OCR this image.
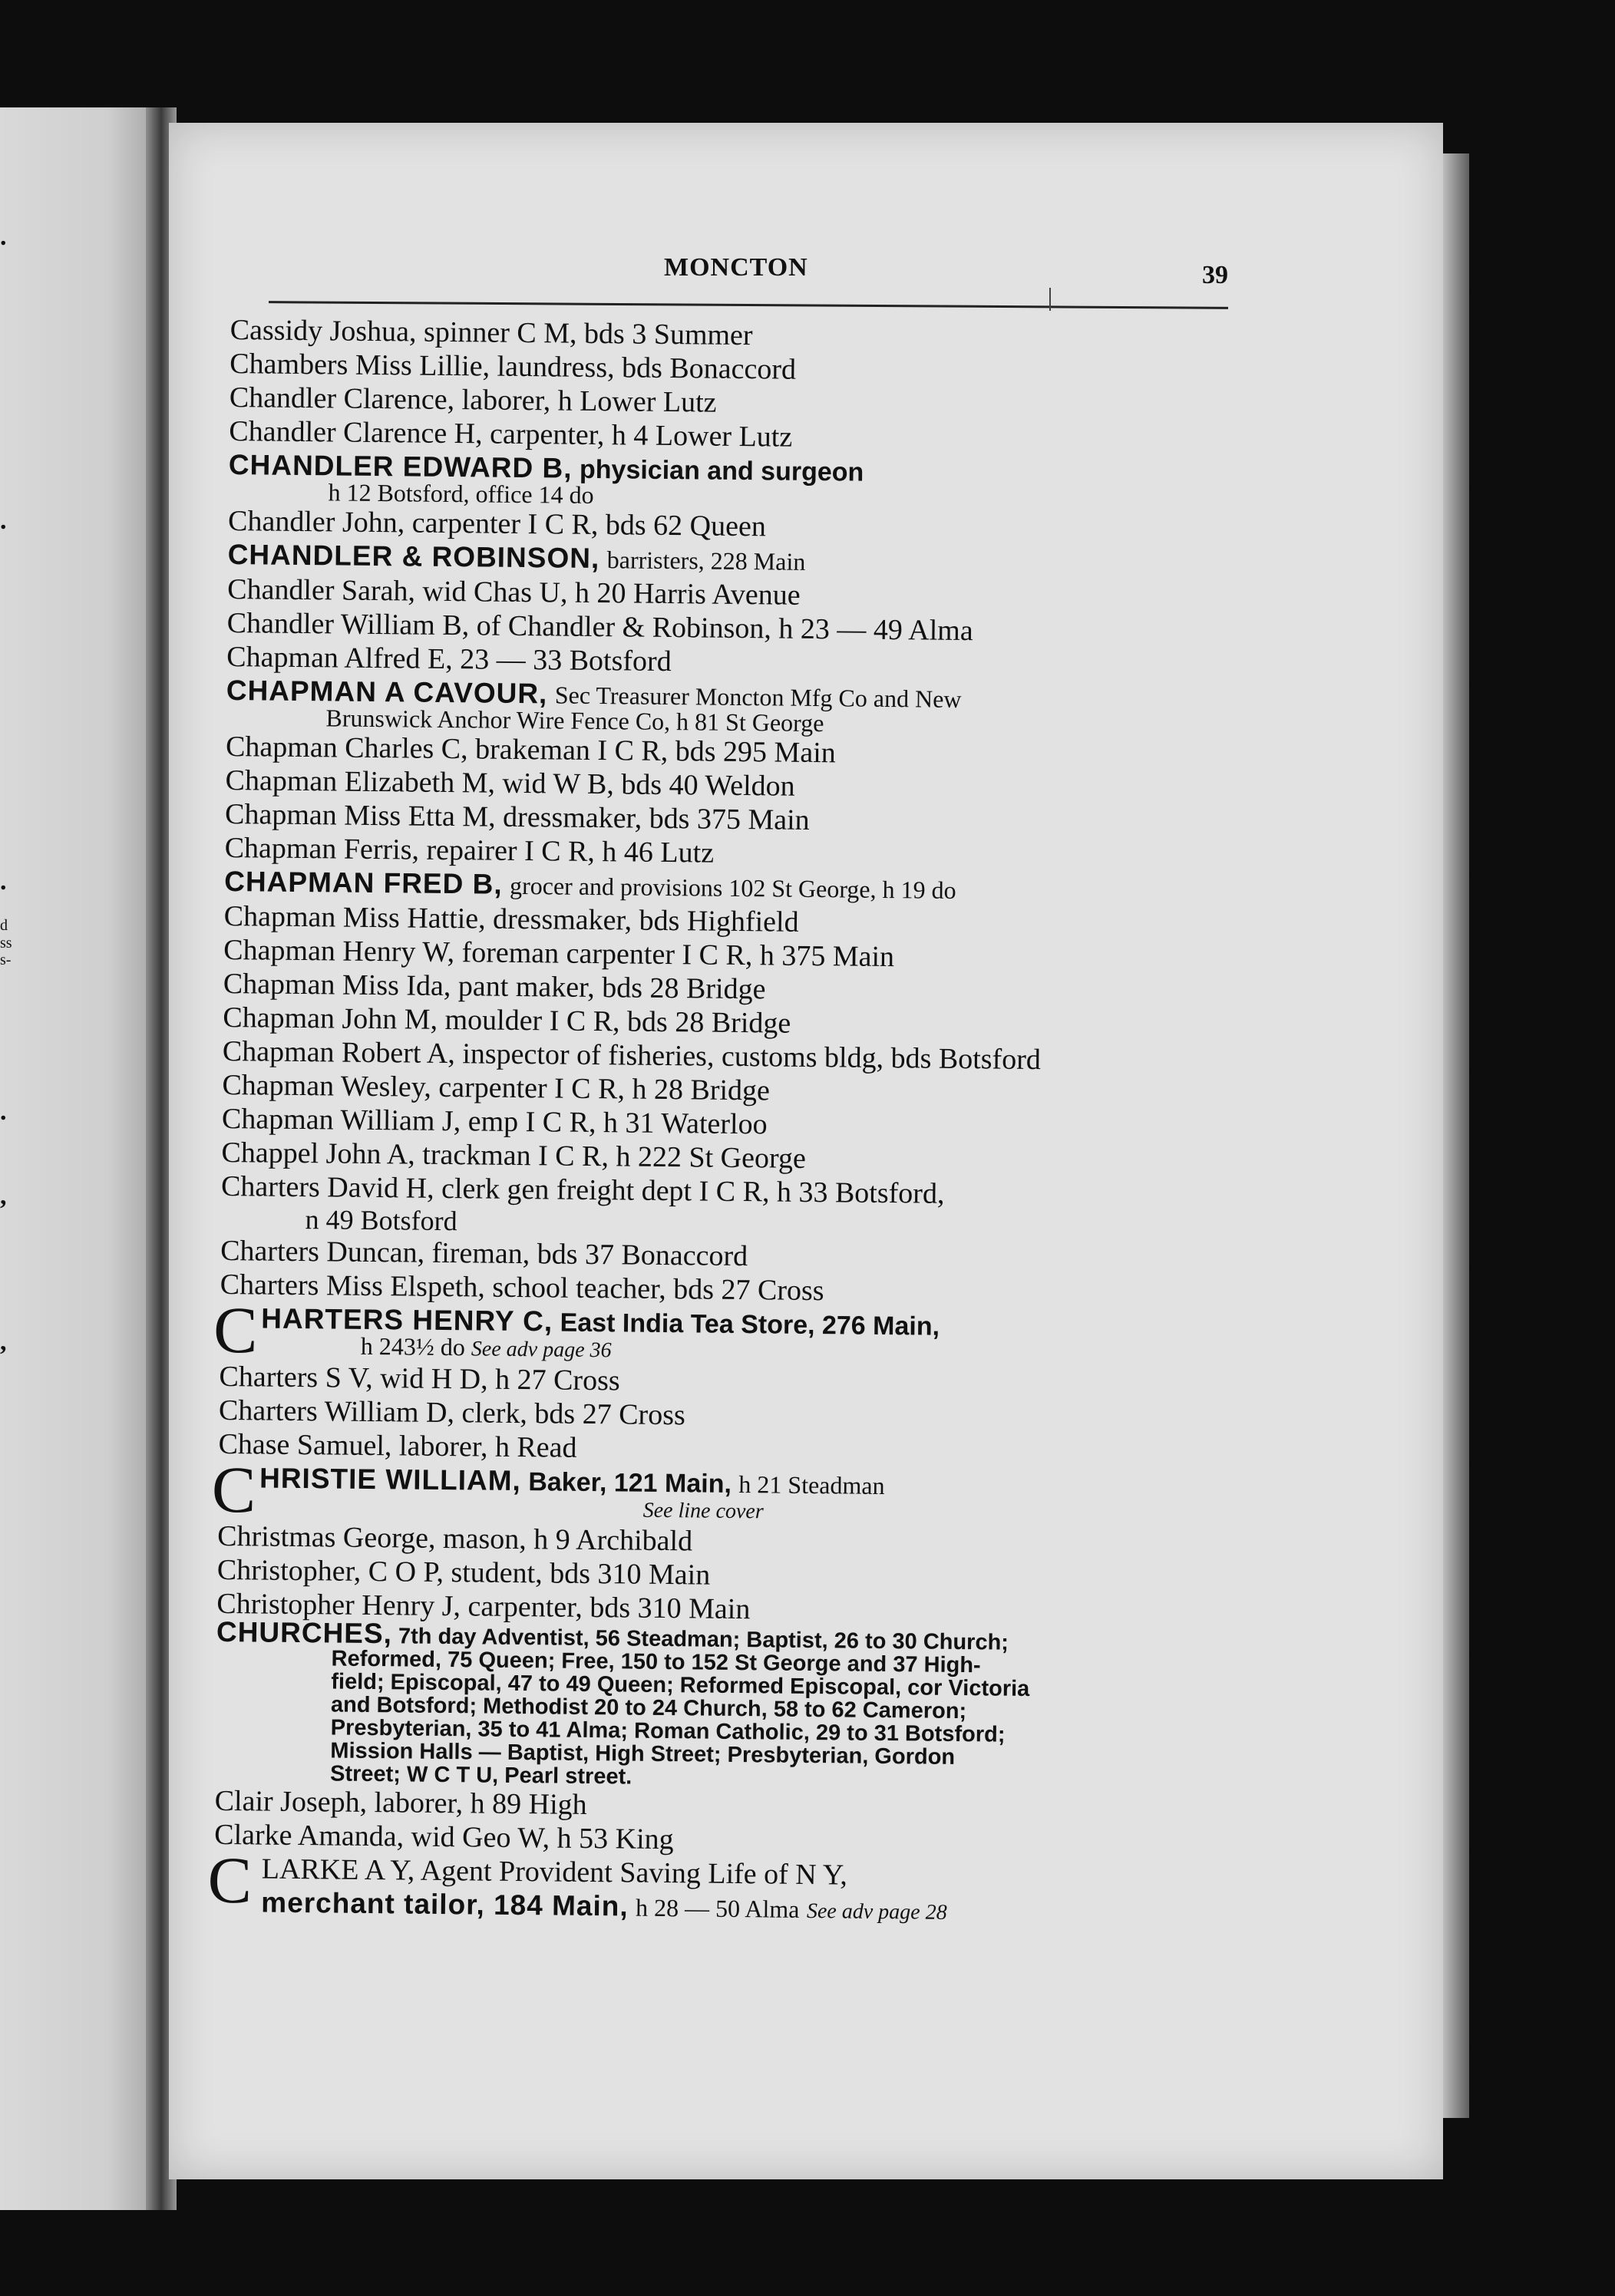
.
.
.
d
ss
s-
.
,
,
MONCTON	39

Cassidy Joshua, spinner C M, bds 3 Summer

Chambers Miss Lillie, laundress, bds Bonaccord

Chandler Clarence, laborer, h Lower Lutz

Chandler Clarence H, carpenter, h 4 Lower Lutz

CHANDLER EDWARD B, physician and surgeon

h 12 Botsford, office 14 do

Chandler John, carpenter I C R, bds 62 Queen

CHANDLER & ROBINSON, barristers, 228 Main

Chandler Sarah, wid Chas U, h 20 Harris Avenue

Chandler William B, of Chandler & Robinson, h 23 — 49 Alma

Chapman Alfred E, 23 — 33 Botsford

CHAPMAN A CAVOUR, Sec Treasurer Moncton Mfg Co and New

Brunswick Anchor Wire Fence Co, h 81 St George

Chapman Charles C, brakeman I C R, bds 295 Main

Chapman Elizabeth M, wid W B, bds 40 Weldon

Chapman Miss Etta M, dressmaker, bds 375 Main

Chapman Ferris, repairer I C R, h 46 Lutz

CHAPMAN FRED B, grocer and provisions 102 St George, h 19 do

Chapman Miss Hattie, dressmaker, bds Highfield

Chapman Henry W, foreman carpenter I C R, h 375 Main

Chapman Miss Ida, pant maker, bds 28 Bridge

Chapman John M, moulder I C R, bds 28 Bridge

Chapman Robert A, inspector of fisheries, customs bldg, bds Botsford

Chapman Wesley, carpenter I C R, h 28 Bridge

Chapman William J, emp I C R, h 31 Waterloo

Chappel John A, trackman I C R, h 222 St George

Charters David H, clerk gen freight dept I C R, h 33 Botsford,

n 49 Botsford

Charters Duncan, fireman, bds 37 Bonaccord

Charters Miss Elspeth, school teacher, bds 27 Cross

C HARTERS HENRY C, East India Tea Store, 276 Main,

h 243½ do See adv page 36

Charters S V, wid H D, h 27 Cross

Charters William D, clerk, bds 27 Cross

Chase Samuel, laborer, h Read

C HRISTIE WILLIAM, Baker, 121 Main, h 21 Steadman

See line cover

Christmas George, mason, h 9 Archibald

Christopher, C O P, student, bds 310 Main

Christopher Henry J, carpenter, bds 310 Main

CHURCHES, 7th day Adventist, 56 Steadman; Baptist, 26 to 30 Church;

Reformed, 75 Queen; Free, 150 to 152 St George and 37 High-

field; Episcopal, 47 to 49 Queen; Reformed Episcopal, cor Victoria

and Botsford; Methodist 20 to 24 Church, 58 to 62 Cameron;

Presbyterian, 35 to 41 Alma; Roman Catholic, 29 to 31 Botsford;

Mission Halls — Baptist, High Street; Presbyterian, Gordon

Street; W C T U, Pearl street.

Clair Joseph, laborer, h 89 High

Clarke Amanda, wid Geo W, h 53 King

C LARKE A Y, Agent Provident Saving Life of N Y,

merchant tailor, 184 Main, h 28 — 50 Alma See adv page 28
